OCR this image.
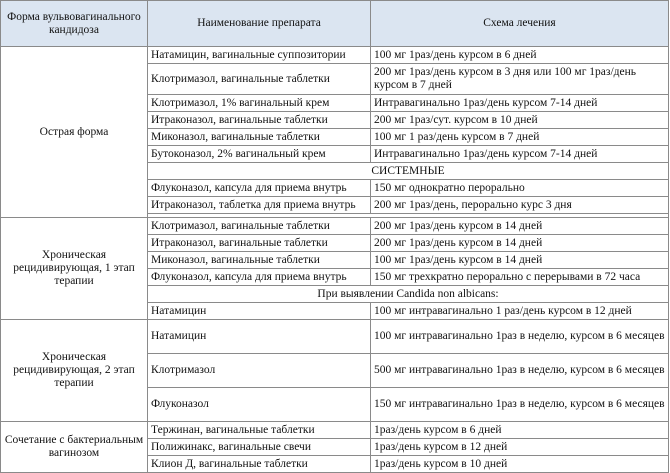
Форма вульвовагинального кандидоза	Наименование препарата	Схема лечения
Острая форма	Натамицин, вагинальные суппозитории	100 мг 1раз/день курсом в 6 дней
	Клотримазол, вагинальные таблетки	200 мг 1раз/день курсом в 3 дня или 100 мг 1раз/день курсом в 7 дней
	Клотримазол, 1% вагинальный крем	Интравагинально 1раз/день курсом 7-14 дней
	Итраконазол, вагинальные таблетки	200 мг 1раз/сут. курсом в 10 дней
	Миконазол, вагинальные таблетки	100 мг 1 раз/день курсом в 7 дней
	Бутоконазол, 2% вагинальный крем	Интравагинально 1раз/день курсом 7-14 дней
	СИСТЕМНЫЕ	
	Флуконазол, капсула для приема внутрь	150 мг однократно перорально
	Итраконазол, таблетка для приема внутрь	200 мг 1раз/день, перорально курс 3 дня

Хроническая рецидивирующая, 1 этап терапии	Клотримазол, вагинальные таблетки	200 мг 1раз/день курсом в 14 дней
	Итраконазол, вагинальные таблетки	200 мг 1раз/день курсом в 14 дней
	Миконазол, вагинальные таблетки	100 мг 1раз/день курсом в 14 дней
	Флуконазол, капсула для приема внутрь	150 мг трехкратно перорально с перерывами в 72 часа
	При выявлении Candida non albicans:	
	Натамицин	100 мг интравагинально 1 раз/день курсом в 12 дней
Хроническая рецидивирующая, 2 этап терапии	Натамицин	100 мг интравагинально 1раз в неделю, курсом в 6 месяцев
	Клотримазол	500 мг интравагинально 1раз в неделю, курсом в 6 месяцев
	Флуконазол	150 мг интравагинально 1раз в неделю, курсом в 6 месяцев
Сочетание с бактериальным вагинозом	Тержинан, вагинальные таблетки	1раз/день курсом в 6 дней
	Полижинакс, вагинальные свечи	1раз/день курсом в 12 дней
	Клион Д, вагинальные таблетки	1раз/день курсом в 10 дней
